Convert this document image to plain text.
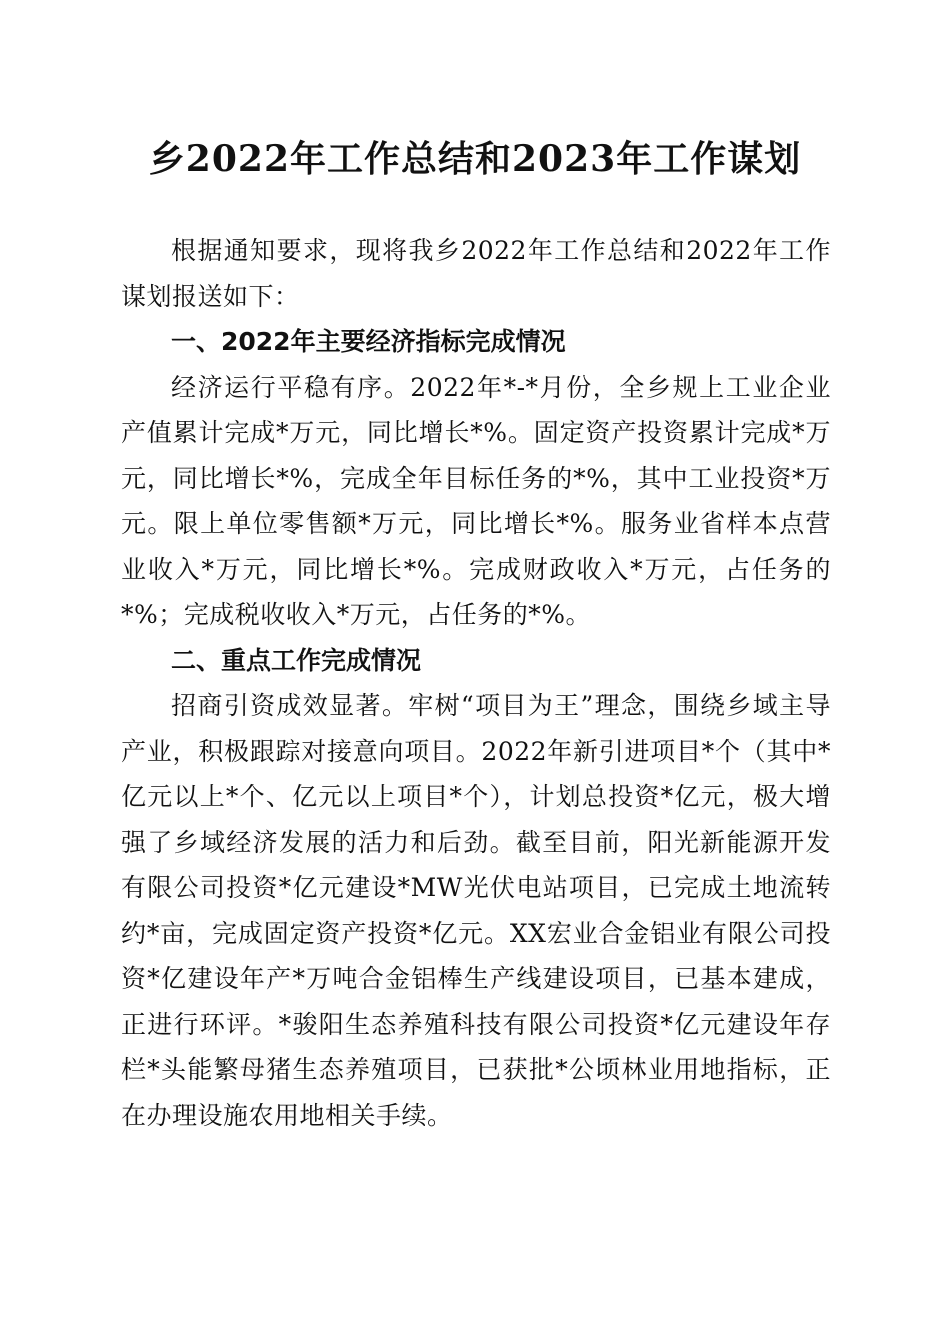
乡2022年工作总结和2023年工作谋划

根据通知要求，现将我乡2022年工作总结和2022年工作谋划报送如下：

一、2022年主要经济指标完成情况

经济运行平稳有序。2022年*-*月份，全乡规上工业企业产值累计完成*万元，同比增长*%。固定资产投资累计完成*万元，同比增长*%，完成全年目标任务的*%，其中工业投资*万元。限上单位零售额*万元，同比增长*%。服务业省样本点营业收入*万元，同比增长*%。完成财政收入*万元，占任务的*%；完成税收收入*万元，占任务的*%。

二、重点工作完成情况

招商引资成效显著。牢树“项目为王”理念，围绕乡域主导产业，积极跟踪对接意向项目。2022年新引进项目*个（其中*亿元以上*个、亿元以上项目*个），计划总投资*亿元，极大增强了乡域经济发展的活力和后劲。截至目前，阳光新能源开发有限公司投资*亿元建设*MW光伏电站项目，已完成土地流转约*亩，完成固定资产投资*亿元。XX宏业合金铝业有限公司投资*亿建设年产*万吨合金铝棒生产线建设项目，已基本建成，正进行环评。*骏阳生态养殖科技有限公司投资*亿元建设年存栏*头能繁母猪生态养殖项目，已获批*公顷林业用地指标，正在办理设施农用地相关手续。
